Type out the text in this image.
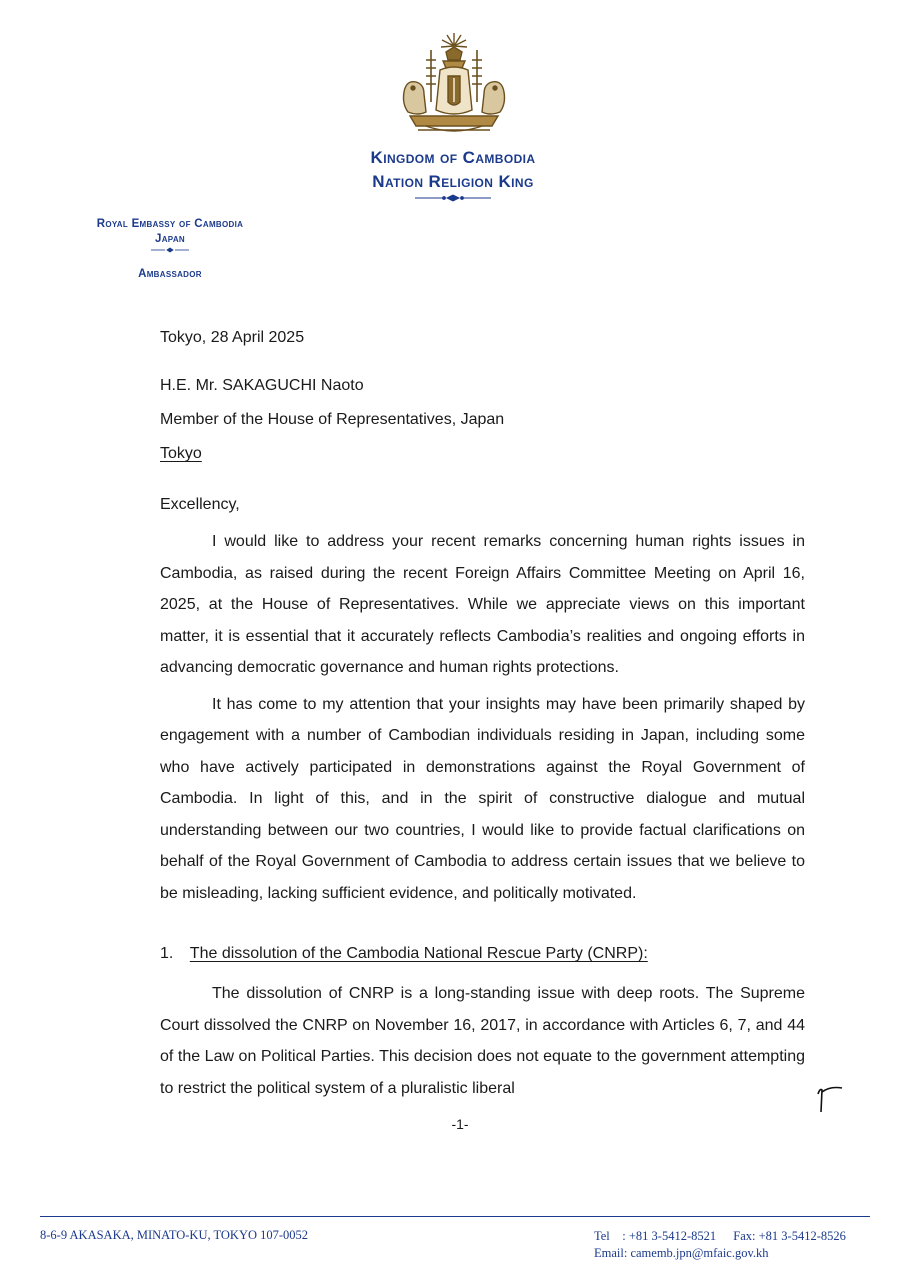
Kingdom of Cambodia
Nation Religion King
Royal Embassy of Cambodia
Japan
Ambassador
Tokyo, 28 April 2025
H.E. Mr. SAKAGUCHI Naoto
Member of the House of Representatives, Japan
Tokyo
Excellency,

I would like to address your recent remarks concerning human rights issues in Cambodia, as raised during the recent Foreign Affairs Committee Meeting on April 16, 2025, at the House of Representatives. While we appreciate views on this important matter, it is essential that it accurately reflects Cambodia’s realities and ongoing efforts in advancing democratic governance and human rights protections.

It has come to my attention that your insights may have been primarily shaped by engagement with a number of Cambodian individuals residing in Japan, including some who have actively participated in demonstrations against the Royal Government of Cambodia. In light of this, and in the spirit of constructive dialogue and mutual understanding between our two countries, I would like to provide factual clarifications on behalf of the Royal Government of Cambodia to address certain issues that we believe to be misleading, lacking sufficient evidence, and politically motivated.

1. The dissolution of the Cambodia National Rescue Party (CNRP):

The dissolution of CNRP is a long-standing issue with deep roots. The Supreme Court dissolved the CNRP on November 16, 2017, in accordance with Articles 6, 7, and 44 of the Law on Political Parties. This decision does not equate to the government attempting to restrict the political system of a pluralistic liberal

-1-
8-6-9 AKASAKA, MINATO-KU, TOKYO 107-0052	Tel    : +81 3-5412-8521 Fax: +81 3-5412-8526
Email: camemb.jpn@mfaic.gov.kh
